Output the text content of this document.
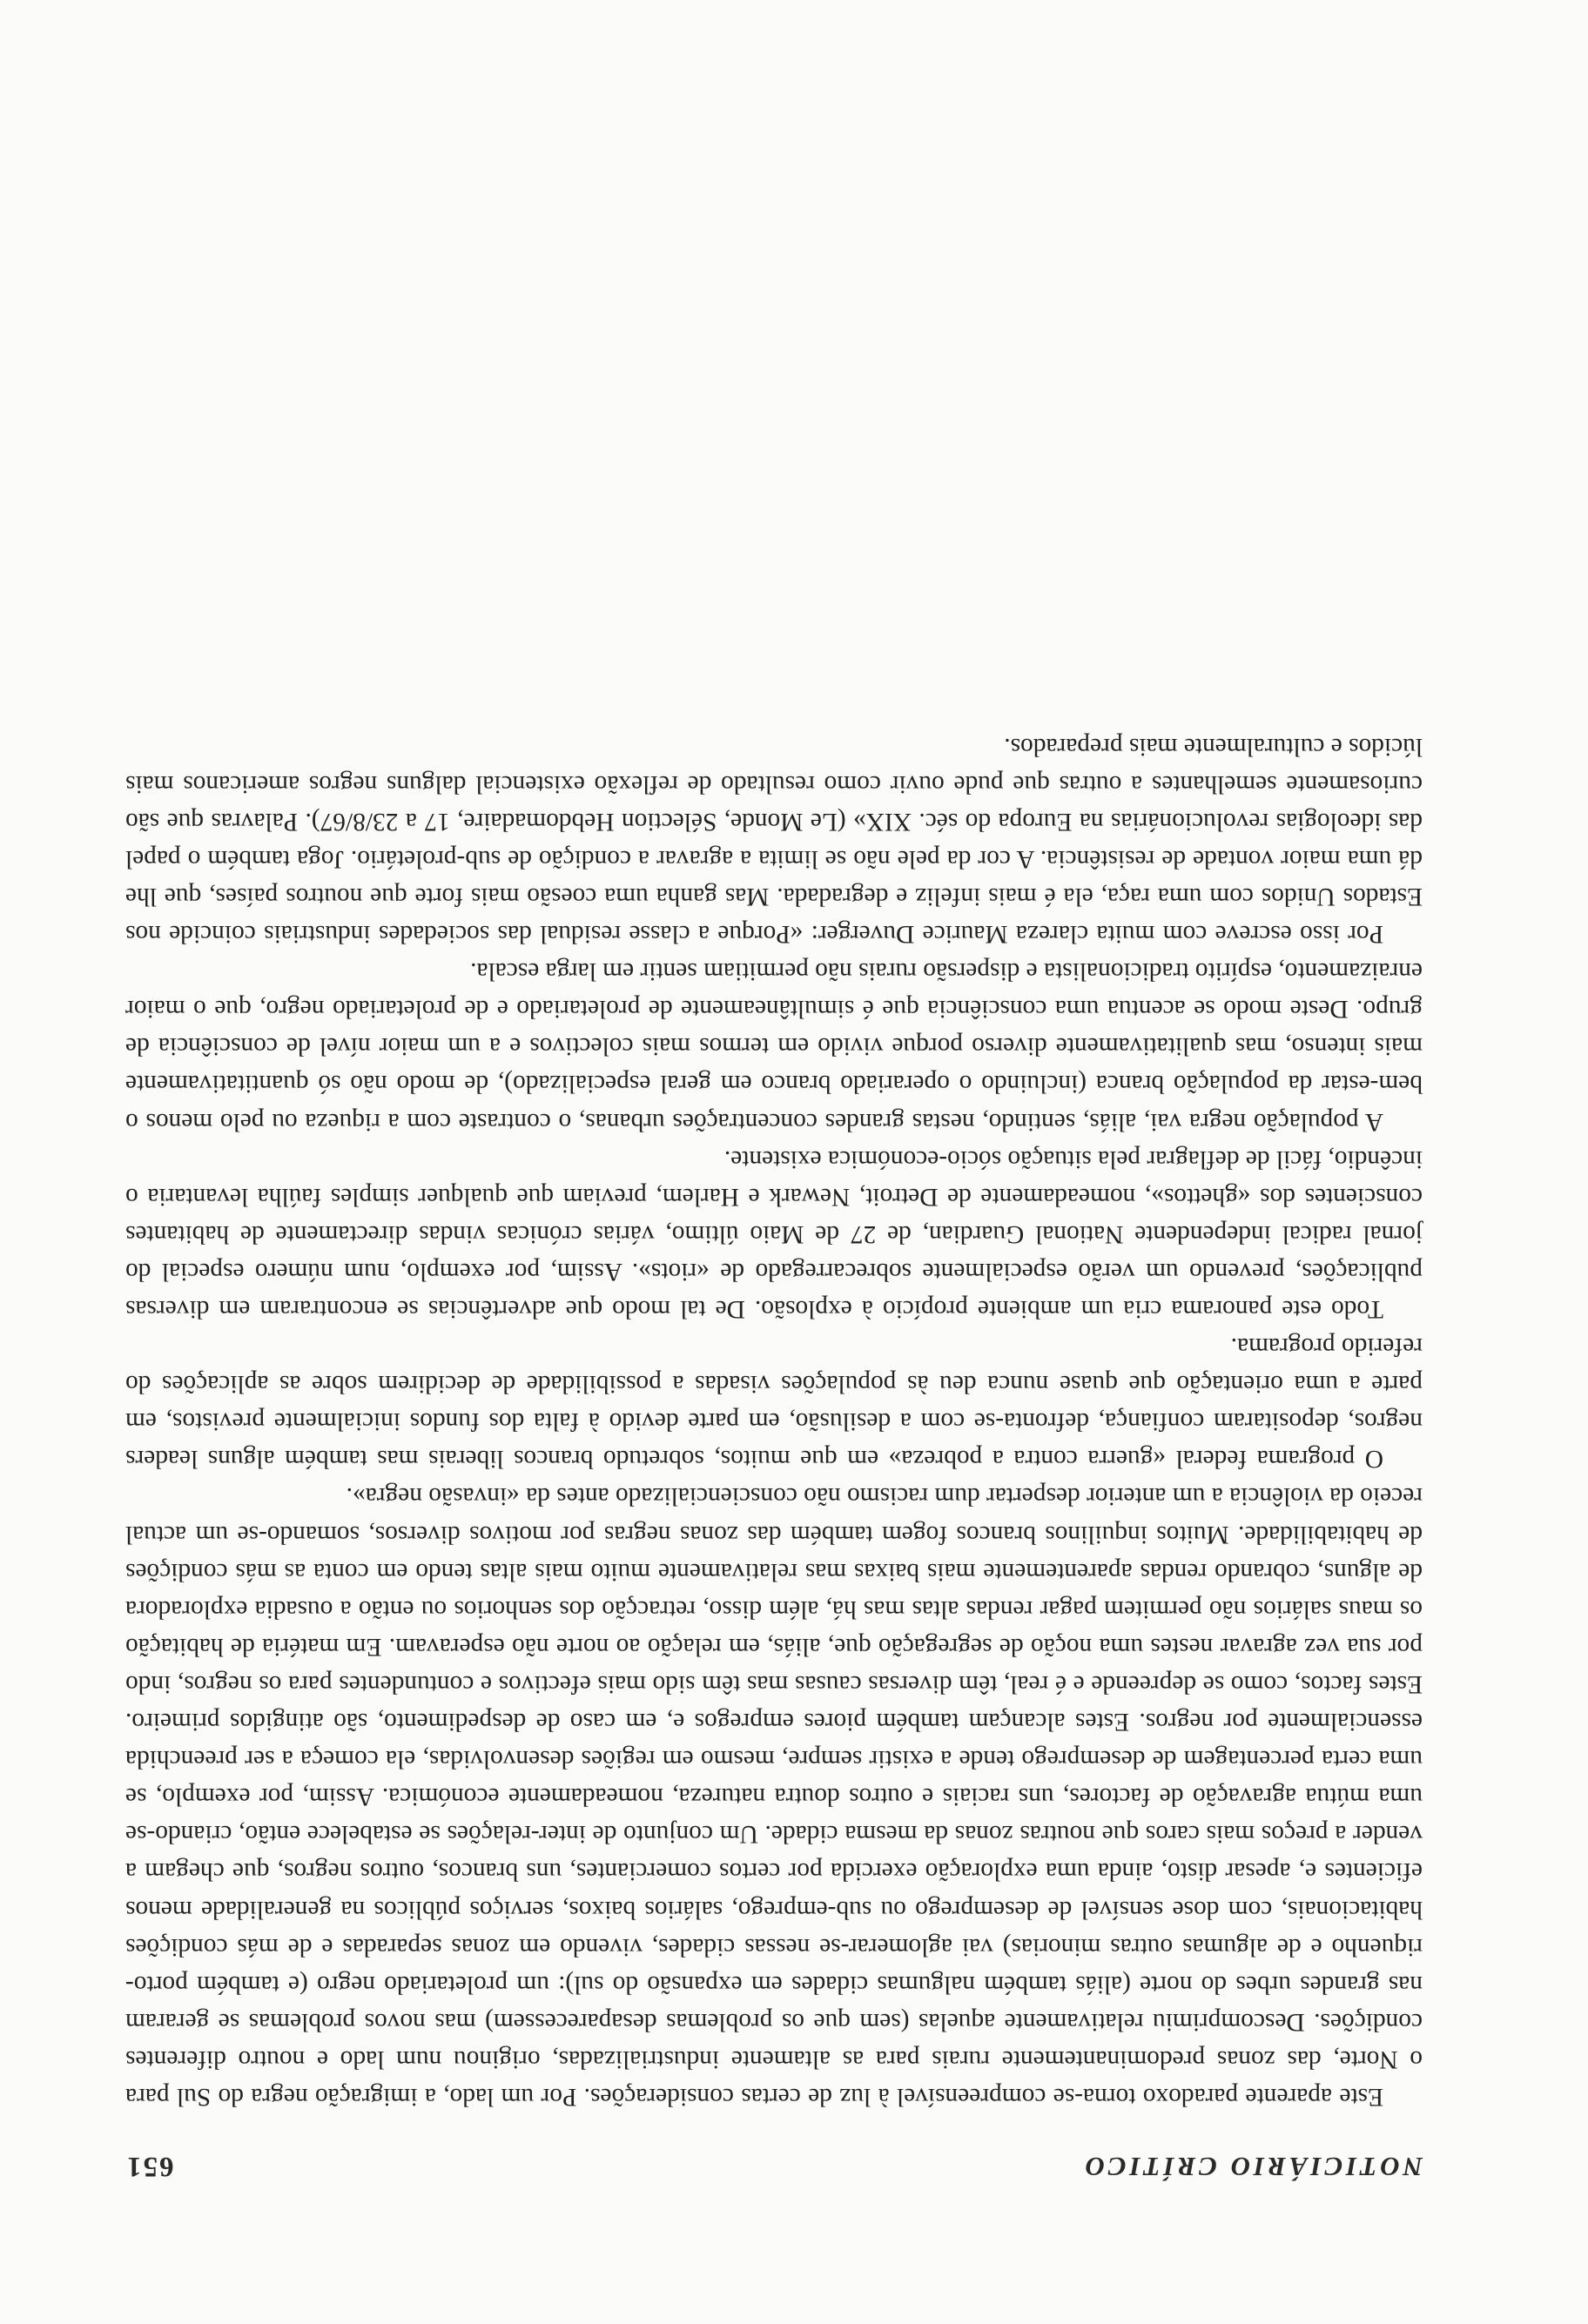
NOTICIÁRIO CRÍTICO
651

Este aparente paradoxo torna-se compreensível à luz de certas considerações. Por um lado, a imigração negra do Sul para o Norte, das zonas predominantemente rurais para as altamente industrializadas, originou num lado e noutro diferentes condições. Descomprimiu relativamente aquelas (sem que os problemas desaparecessem) mas novos problemas se geraram nas grandes urbes do norte (aliás também nalgumas cidades em expansão do sul): um proletariado negro (e também porto-riquenho e de algumas outras minorias) vai aglomerar-se nessas cidades, vivendo em zonas separadas e de más condições habitacionais, com dose sensível de desemprego ou sub-emprego, salários baixos, serviços públicos na generalidade menos eficientes e, apesar disto, ainda uma exploração exercida por certos comerciantes, uns brancos, outros negros, que chegam a vender a preços mais caros que noutras zonas da mesma cidade. Um conjunto de inter-relações se estabelece então, criando-se uma mútua agravação de factores, uns raciais e outros doutra natureza, nomeadamente económica. Assim, por exemplo, se uma certa percentagem de desemprego tende a existir sempre, mesmo em regiões desenvolvidas, ela começa a ser preenchida essencialmente por negros. Estes alcançam também piores empregos e, em caso de despedimento, são atingidos primeiro. Estes factos, como se depreende e é real, têm diversas causas mas têm sido mais efectivos e contundentes para os negros, indo por sua vez agravar nestes uma noção de segregação que, aliás, em relação ao norte não esperavam. Em matéria de habitação os maus salários não permitem pagar rendas altas mas há, além disso, retracção dos senhorios ou então a ousadia exploradora de alguns, cobrando rendas aparentemente mais baixas mas relativamente muito mais altas tendo em conta as más condições de habitabilidade. Muitos inquilinos brancos fogem também das zonas negras por motivos diversos, somando-se um actual receio da violência a um anterior despertar dum racismo não consciencializado antes da «invasão negra».

O programa federal «guerra contra a pobreza» em que muitos, sobretudo brancos liberais mas também alguns leaders negros, depositaram confiança, defronta-se com a desilusão, em parte devido à falta dos fundos inicialmente previstos, em parte a uma orientação que quase nunca deu às populações visadas a possibilidade de decidirem sobre as aplicações do referido programa.

Todo este panorama cria um ambiente propício à explosão. De tal modo que advertências se encontraram em diversas publicações, prevendo um verão especialmente sobrecarregado de «riots». Assim, por exemplo, num número especial do jornal radical independente National Guardian, de 27 de Maio último, várias crónicas vindas directamente de habitantes conscientes dos «ghettos», nomeadamente de Detroit, Newark e Harlem, previam que qualquer simples faúlha levantaria o incêndio, fácil de deflagrar pela situação sócio-económica existente.

A população negra vai, aliás, sentindo, nestas grandes concentrações urbanas, o contraste com a riqueza ou pelo menos o bem-estar da população branca (incluindo o operariado branco em geral especializado), de modo não só quantitativamente mais intenso, mas qualitativamente diverso porque vivido em termos mais colectivos e a um maior nível de consciência de grupo. Deste modo se acentua uma consciência que é simultâneamente de proletariado e de proletariado negro, que o maior enraizamento, espírito tradicionalista e dispersão rurais não permitiam sentir em larga escala.

Por isso escreve com muita clareza Maurice Duverger: «Porque a classe residual das sociedades industriais coincide nos Estados Unidos com uma raça, ela é mais infeliz e degradada. Mas ganha uma coesão mais forte que noutros países, que lhe dá uma maior vontade de resistência. A cor da pele não se limita a agravar a condição de sub-proletário. Joga também o papel das ideologias revolucionárias na Europa do séc. XIX» (Le Monde, Sélection Hebdomadaire, 17 a 23/8/67). Palavras que são curiosamente semelhantes a outras que pude ouvir como resultado de reflexão existencial dalguns negros americanos mais lúcidos e culturalmente mais preparados.
